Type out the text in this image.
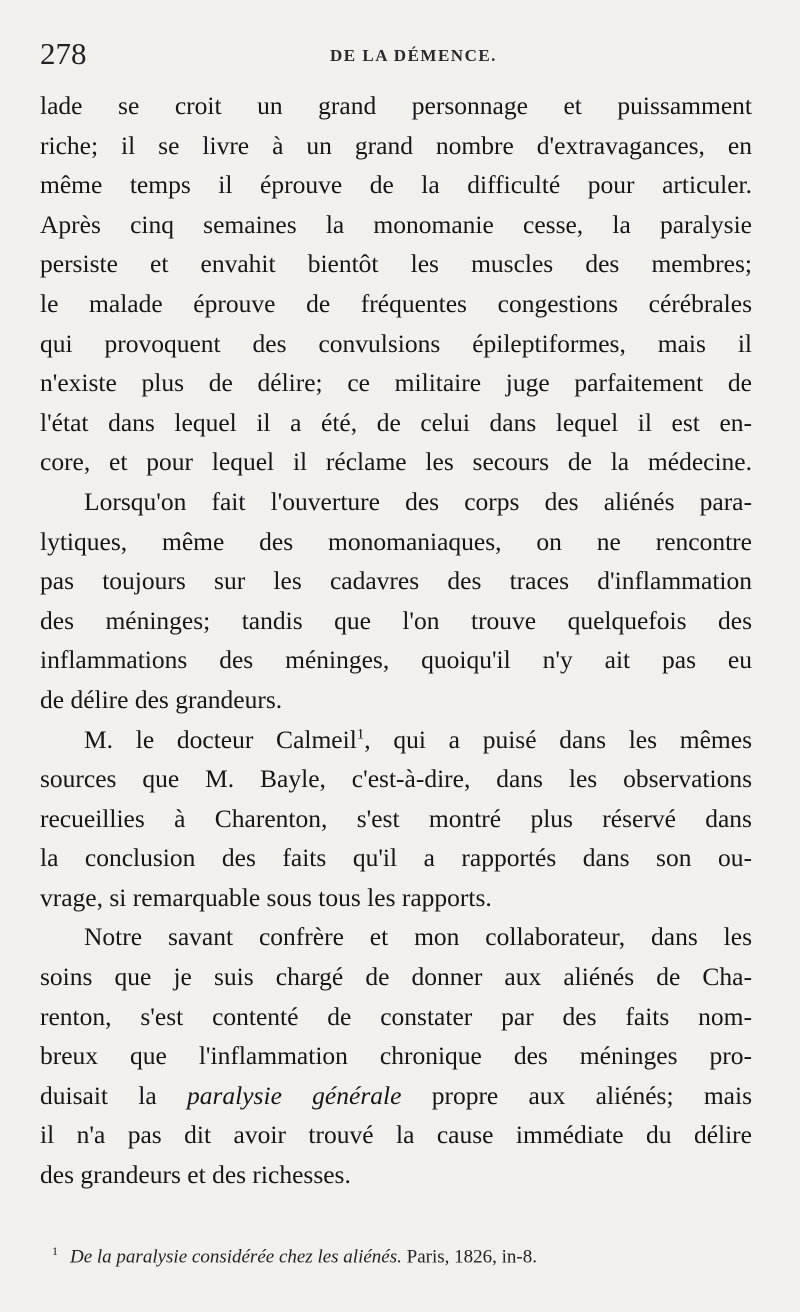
278	DE LA DÉMENCE.
lade se croit un grand personnage et puissamment
riche; il se livre à un grand nombre d'extravagances, en
même temps il éprouve de la difficulté pour articuler.
Après cinq semaines la monomanie cesse, la paralysie
persiste et envahit bientôt les muscles des membres;
le malade éprouve de fréquentes congestions cérébrales
qui provoquent des convulsions épileptiformes, mais il
n'existe plus de délire; ce militaire juge parfaitement de
l'état dans lequel il a été, de celui dans lequel il est en-
core, et pour lequel il réclame les secours de la médecine.
Lorsqu'on fait l'ouverture des corps des aliénés para-
lytiques, même des monomaniaques, on ne rencontre
pas toujours sur les cadavres des traces d'inflammation
des méninges; tandis que l'on trouve quelquefois des
inflammations des méninges, quoiqu'il n'y ait pas eu
de délire des grandeurs.
M. le docteur Calmeil$^1$, qui a puisé dans les mêmes
sources que M. Bayle, c'est-à-dire, dans les observations
recueillies à Charenton, s'est montré plus réservé dans
la conclusion des faits qu'il a rapportés dans son ou-
vrage, si remarquable sous tous les rapports.
Notre savant confrère et mon collaborateur, dans les
soins que je suis chargé de donner aux aliénés de Cha-
renton, s'est contenté de constater par des faits nom-
breux que l'inflammation chronique des méninges pro-
duisait la paralysie générale propre aux aliénés; mais
il n'a pas dit avoir trouvé la cause immédiate du délire
des grandeurs et des richesses.
$^1$ De la paralysie considérée chez les aliénés. Paris, 1826, in-8.
